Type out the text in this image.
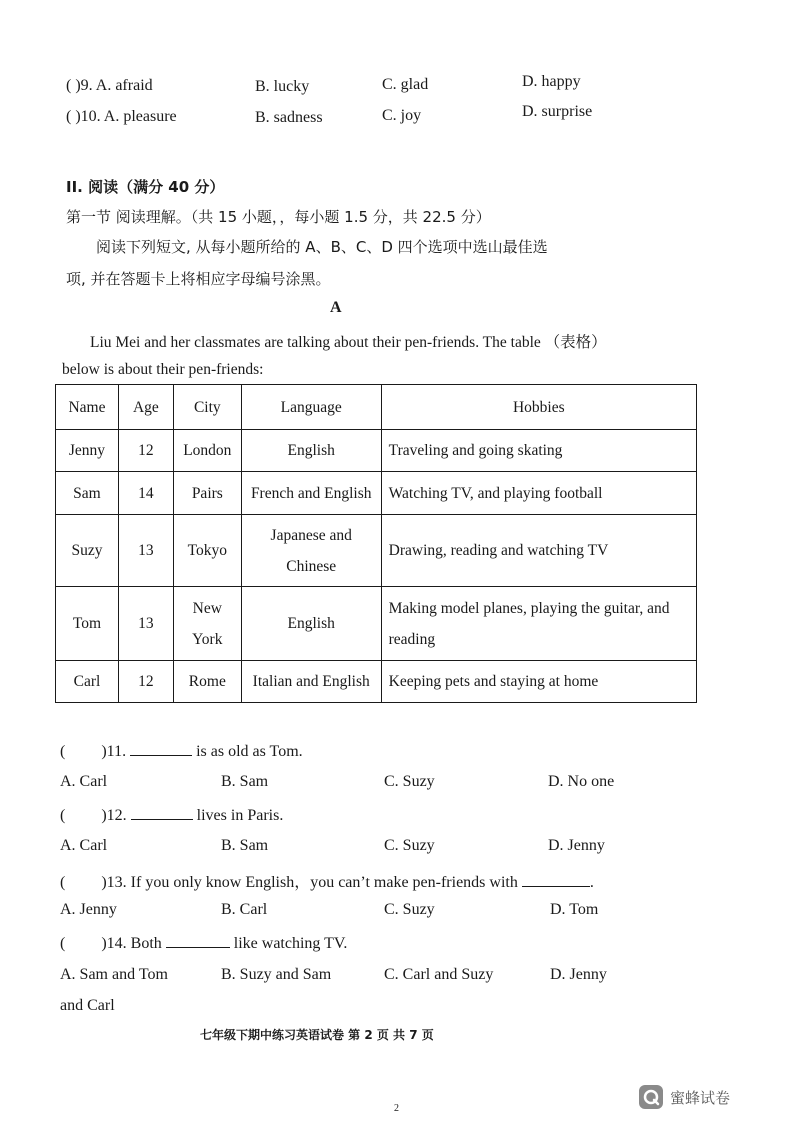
( )9. A. afraid	B. lucky	C. glad	D. happy
( )10. A. pleasure	B. sadness	C. joy	D. surprise
II. 阅读（满分 40 分）
第一节 阅读理解。（共 15 小题，，每小题 1.5 分，共 22.5 分）
阅读下列短文, 从每小题所给的 A、B、C、D 四个选项中选山最佳选
项, 并在答题卡上将相应字母编号涂黑。
A
Liu Mei and her classmates are talking about their pen-friends. The table （表格）
below is about their pen-friends:
Name	Age	City	Language	Hobbies
Jenny	12	London	English	Traveling and going skating
Sam	14	Pairs	French and English	Watching TV, and playing football
Suzy	13	Tokyo	Japanese and Chinese	Drawing, reading and watching TV
Tom	13	New York	English	Making model planes, playing the guitar, and reading
Carl	12	Rome	Italian and English	Keeping pets and staying at home
( )11.	is as old as Tom.
A. Carl	B. Sam	C. Suzy	D. No one
( )12.	lives in Paris.
A. Carl	B. Sam	C. Suzy	D. Jenny
( )13. If you only know English，you can’t make pen-friends with	.
A. Jenny	B. Carl	C. Suzy	D. Tom
( )14. Both	like watching TV.
A. Sam and Tom	B. Suzy and Sam	C. Carl and Suzy	D. Jenny
and Carl
七年级下期中练习英语试卷 第 2 页 共 7 页
2
蜜蜂试卷
